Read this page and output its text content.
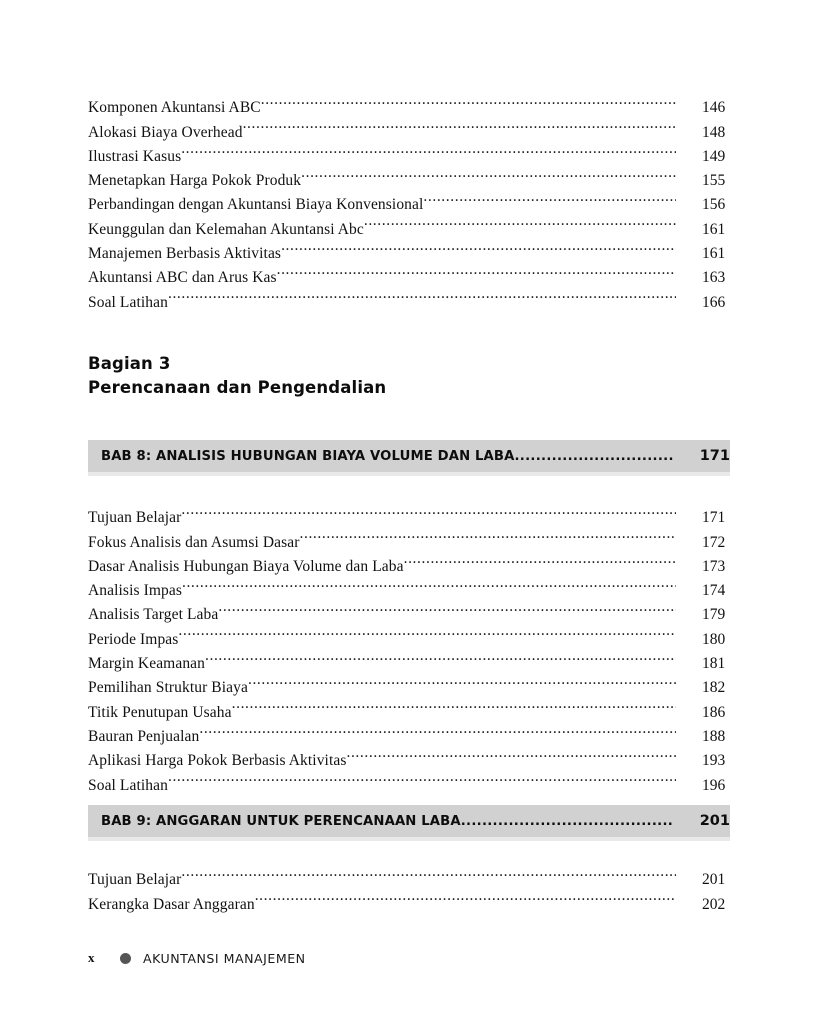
Komponen Akuntansi ABC .....	146
Alokasi Biaya Overhead .....	148
Ilustrasi Kasus .....	149
Menetapkan Harga Pokok Produk .....	155
Perbandingan dengan Akuntansi Biaya Konvensional .....	156
Keunggulan dan Kelemahan Akuntansi Abc .....	161
Manajemen Berbasis Aktivitas .....	161
Akuntansi ABC dan Arus Kas .....	163
Soal Latihan .....	166
Bagian 3
Perencanaan dan Pengendalian
BAB 8: ANALISIS HUBUNGAN BIAYA VOLUME DAN LABA .....	171
Tujuan Belajar .....	171
Fokus Analisis dan Asumsi Dasar .....	172
Dasar Analisis Hubungan Biaya Volume dan Laba .....	173
Analisis Impas .....	174
Analisis Target Laba .....	179
Periode Impas .....	180
Margin Keamanan .....	181
Pemilihan Struktur Biaya .....	182
Titik Penutupan Usaha .....	186
Bauran Penjualan .....	188
Aplikasi Harga Pokok Berbasis Aktivitas .....	193
Soal Latihan .....	196
BAB 9: ANGGARAN UNTUK PERENCANAAN LABA .....	201
Tujuan Belajar .....	201
Kerangka Dasar Anggaran .....	202
x	AKUNTANSI MANAJEMEN
